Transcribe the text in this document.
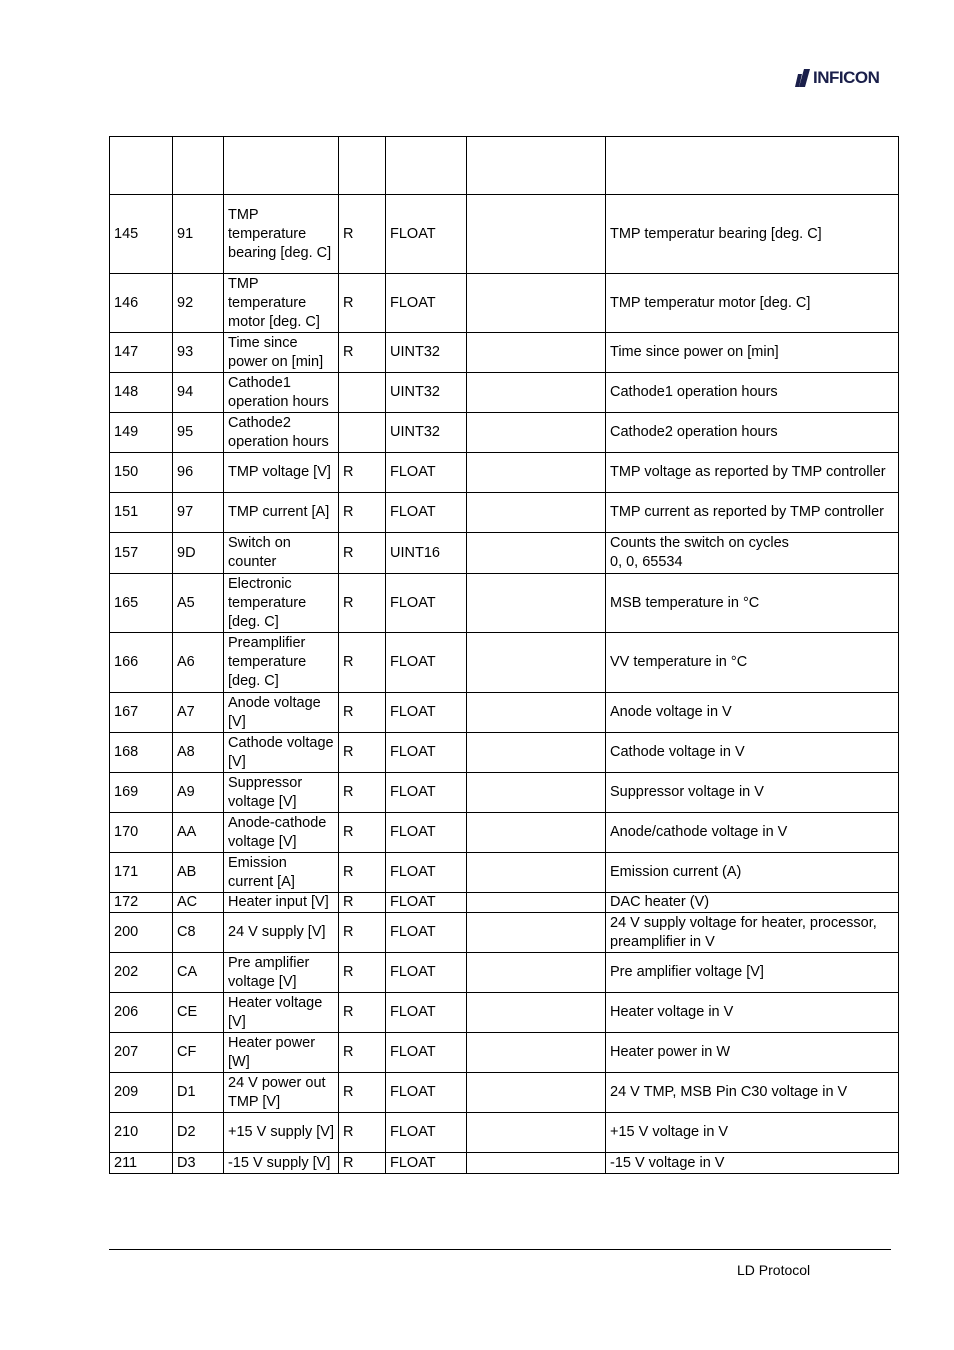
INFICON

145	91	TMP temperature bearing [deg. C]	R	FLOAT		TMP temperatur bearing [deg. C]
146	92	TMP temperature motor [deg. C]	R	FLOAT		TMP temperatur motor [deg. C]
147	93	Time since power on [min]	R	UINT32		Time since power on [min]
148	94	Cathode1 operation hours		UINT32		Cathode1 operation hours
149	95	Cathode2 operation hours		UINT32		Cathode2 operation hours
150	96	TMP voltage [V]	R	FLOAT		TMP voltage as reported by TMP controller
151	97	TMP current [A]	R	FLOAT		TMP current as reported by TMP controller
157	9D	Switch on counter	R	UINT16		Counts the switch on cycles
0, 0, 65534
165	A5	Electronic temperature [deg. C]	R	FLOAT		MSB temperature in °C
166	A6	Preamplifier temperature [deg. C]	R	FLOAT		VV temperature in °C
167	A7	Anode voltage [V]	R	FLOAT		Anode voltage in V
168	A8	Cathode voltage [V]	R	FLOAT		Cathode voltage in V
169	A9	Suppressor voltage [V]	R	FLOAT		Suppressor voltage in V
170	AA	Anode-cathode voltage [V]	R	FLOAT		Anode/cathode voltage in V
171	AB	Emission current [A]	R	FLOAT		Emission current (A)
172	AC	Heater input [V]	R	FLOAT		DAC heater (V)
200	C8	24 V supply [V]	R	FLOAT		24 V supply voltage for heater, processor, preamplifier in V
202	CA	Pre amplifier voltage [V]	R	FLOAT		Pre amplifier voltage [V]
206	CE	Heater voltage [V]	R	FLOAT		Heater voltage in V
207	CF	Heater power [W]	R	FLOAT		Heater power in W
209	D1	24 V power out TMP [V]	R	FLOAT		24 V TMP, MSB Pin C30 voltage in V
210	D2	+15 V supply [V]	R	FLOAT		+15 V voltage in V
211	D3	-15 V supply [V]	R	FLOAT		-15 V voltage in V
LD Protocol
